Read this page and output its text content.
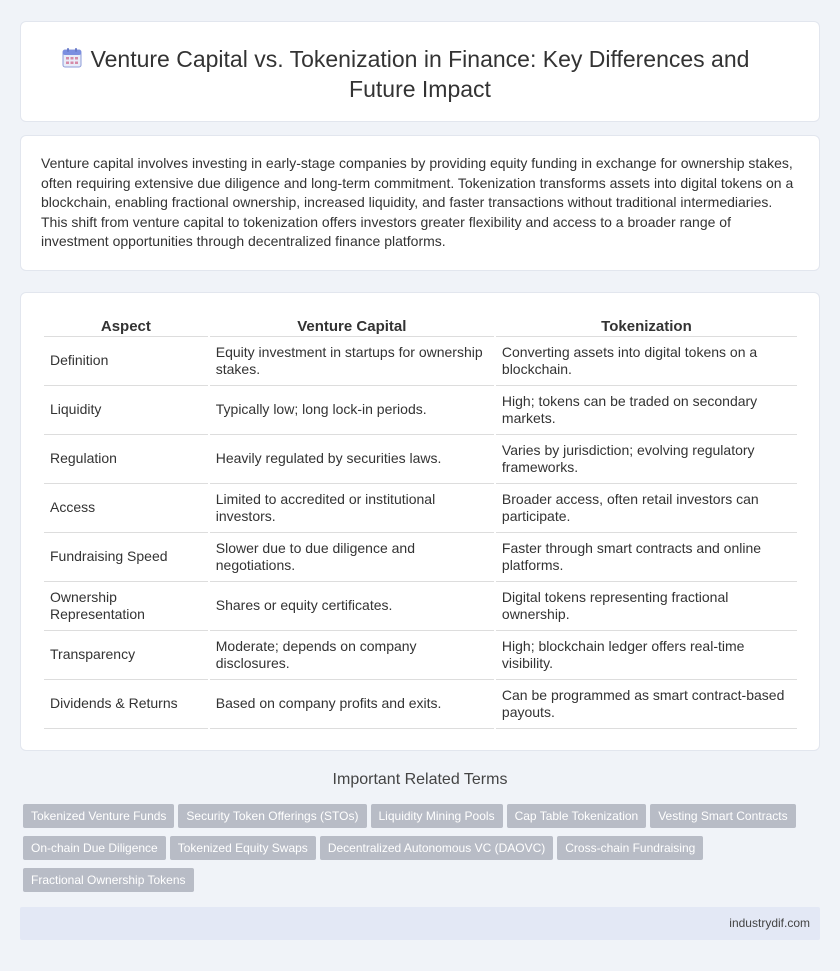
Venture Capital vs. Tokenization in Finance: Key Differences and Future Impact

Venture capital involves investing in early-stage companies by providing equity funding in exchange for ownership stakes, often requiring extensive due diligence and long-term commitment. Tokenization transforms assets into digital tokens on a blockchain, enabling fractional ownership, increased liquidity, and faster transactions without traditional intermediaries. This shift from venture capital to tokenization offers investors greater flexibility and access to a broader range of investment opportunities through decentralized finance platforms.

Aspect	Venture Capital	Tokenization
Definition	Equity investment in startups for ownership stakes.	Converting assets into digital tokens on a blockchain.
Liquidity	Typically low; long lock-in periods.	High; tokens can be traded on secondary markets.
Regulation	Heavily regulated by securities laws.	Varies by jurisdiction; evolving regulatory frameworks.
Access	Limited to accredited or institutional investors.	Broader access, often retail investors can participate.
Fundraising Speed	Slower due to due diligence and negotiations.	Faster through smart contracts and online platforms.
Ownership Representation	Shares or equity certificates.	Digital tokens representing fractional ownership.
Transparency	Moderate; depends on company disclosures.	High; blockchain ledger offers real-time visibility.
Dividends & Returns	Based on company profits and exits.	Can be programmed as smart contract-based payouts.
Important Related Terms
Tokenized Venture Funds Security Token Offerings (STOs) Liquidity Mining Pools Cap Table Tokenization Vesting Smart Contracts
On-chain Due Diligence Tokenized Equity Swaps Decentralized Autonomous VC (DAOVC) Cross-chain Fundraising
Fractional Ownership Tokens
industrydif.com
